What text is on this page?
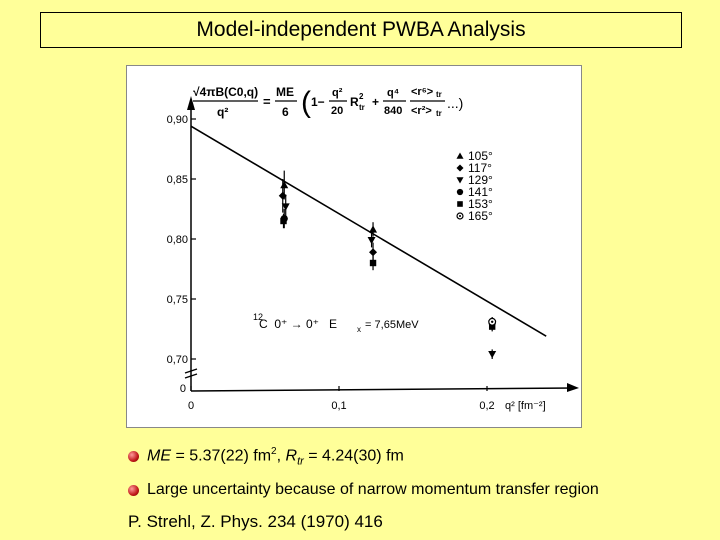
Model-independent PWBA Analysis
0,70
0,75
0,80
0,85
0,90
0
0	0,1	0,2 q² [fm⁻²]
105°
117°
129°
141°
153°
165°
√4πB(C0,q)
q²
=
ME
6 ( 1−
q²
20
R 2
tr +
q⁴
840
<r⁶> tr
<r²> tr
...)
12
C  0⁺ → 0⁺   E x = 7,65MeV
ME = 5.37(22) $fm^2$, $R_{tr} = 4.24(30)$ fm
Large uncertainty because of narrow momentum transfer region
P. Strehl, Z. Phys. 234 (1970) 416
